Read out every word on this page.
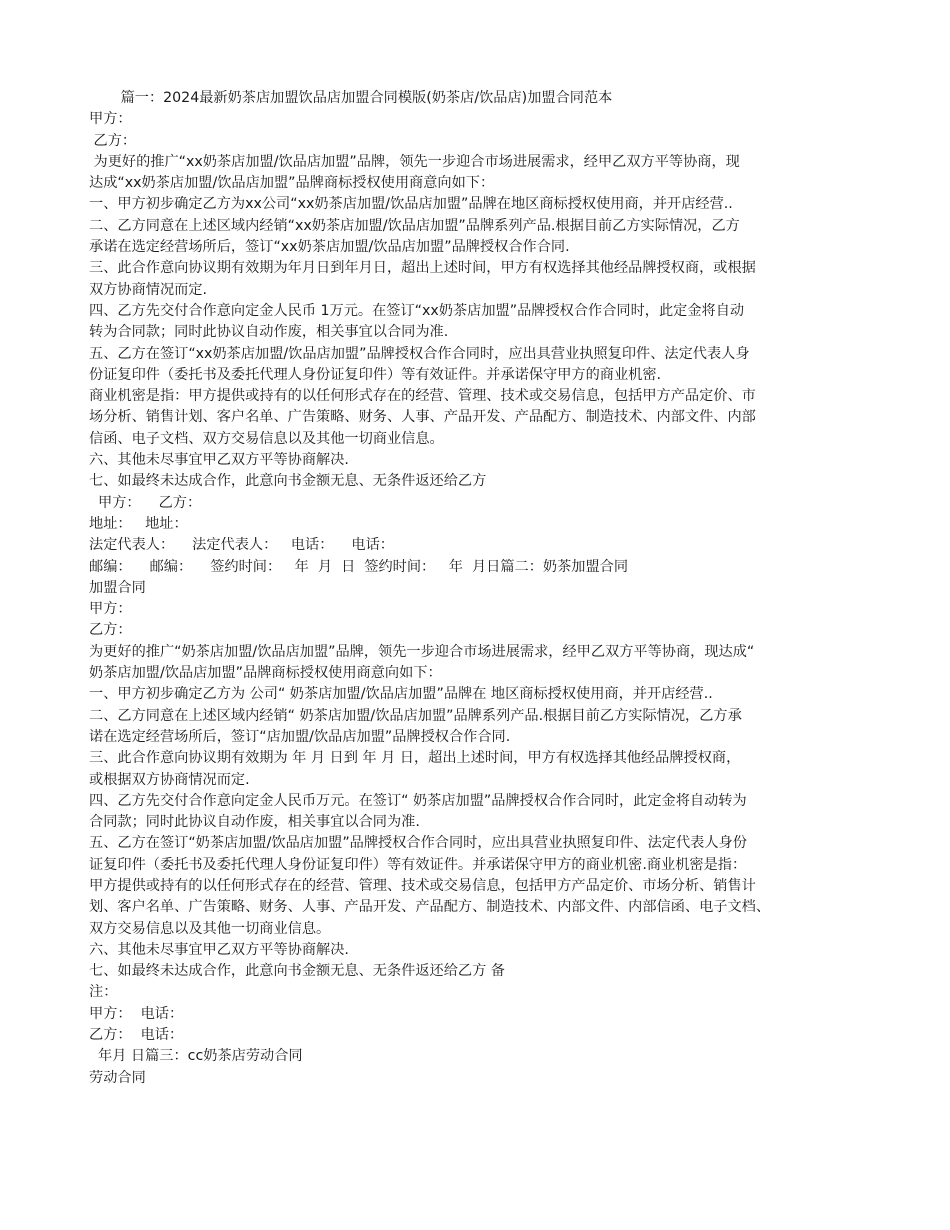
篇一：2024最新奶茶店加盟饮品店加盟合同模版(奶茶店/饮品店)加盟合同范本
甲方：
乙方：
为更好的推广“xx奶茶店加盟/饮品店加盟”品牌，领先一步迎合市场进展需求，经甲乙双方平等协商，现
达成“xx奶茶店加盟/饮品店加盟”品牌商标授权使用商意向如下：
一、甲方初步确定乙方为xx公司“xx奶茶店加盟/饮品店加盟”品牌在地区商标授权使用商，并开店经营..
二、乙方同意在上述区域内经销“xx奶茶店加盟/饮品店加盟”品牌系列产品.根据目前乙方实际情况，乙方
承诺在选定经营场所后，签订“xx奶茶店加盟/饮品店加盟”品牌授权合作合同.
三、此合作意向协议期有效期为年月日到年月日，超出上述时间，甲方有权选择其他经品牌授权商，或根据
双方协商情况而定.
四、乙方先交付合作意向定金人民币 1万元。在签订“xx奶茶店加盟”品牌授权合作合同时，此定金将自动
转为合同款；同时此协议自动作废，相关事宜以合同为准.
五、乙方在签订“xx奶茶店加盟/饮品店加盟”品牌授权合作合同时，应出具营业执照复印件、法定代表人身
份证复印件（委托书及委托代理人身份证复印件）等有效证件。并承诺保守甲方的商业机密.
商业机密是指：甲方提供或持有的以任何形式存在的经营、管理、技术或交易信息，包括甲方产品定价、市
场分析、销售计划、客户名单、广告策略、财务、人事、产品开发、产品配方、制造技术、内部文件、内部
信函、电子文档、双方交易信息以及其他一切商业信息。
六、其他未尽事宜甲乙双方平等协商解决.
七、如最终未达成合作，此意向书金额无息、无条件返还给乙方
甲方：    乙方：
地址：   地址：
法定代表人：    法定代表人：   电话：    电话：
邮编：    邮编：    签约时间：   年  月  日  签约时间：   年  月日篇二：奶茶加盟合同
加盟合同
甲方：
乙方：
为更好的推广“奶茶店加盟/饮品店加盟”品牌，领先一步迎合市场进展需求，经甲乙双方平等协商，现达成“
奶茶店加盟/饮品店加盟”品牌商标授权使用商意向如下：
一、甲方初步确定乙方为 公司“ 奶茶店加盟/饮品店加盟”品牌在 地区商标授权使用商，并开店经营..
二、乙方同意在上述区域内经销“ 奶茶店加盟/饮品店加盟”品牌系列产品.根据目前乙方实际情况，乙方承
诺在选定经营场所后，签订“店加盟/饮品店加盟”品牌授权合作合同.
三、此合作意向协议期有效期为 年 月 日到 年 月 日，超出上述时间，甲方有权选择其他经品牌授权商，
或根据双方协商情况而定.
四、乙方先交付合作意向定金人民币万元。在签订“ 奶茶店加盟”品牌授权合作合同时，此定金将自动转为
合同款；同时此协议自动作废，相关事宜以合同为准.
五、乙方在签订“奶茶店加盟/饮品店加盟”品牌授权合作合同时，应出具营业执照复印件、法定代表人身份
证复印件（委托书及委托代理人身份证复印件）等有效证件。并承诺保守甲方的商业机密.商业机密是指：
甲方提供或持有的以任何形式存在的经营、管理、技术或交易信息，包括甲方产品定价、市场分析、销售计
划、客户名单、广告策略、财务、人事、产品开发、产品配方、制造技术、内部文件、内部信函、电子文档、
双方交易信息以及其他一切商业信息。
六、其他未尽事宜甲乙双方平等协商解决.
七、如最终未达成合作，此意向书金额无息、无条件返还给乙方 备
注：
甲方：  电话：
乙方：  电话：
年月 日篇三：cc奶茶店劳动合同
劳动合同
